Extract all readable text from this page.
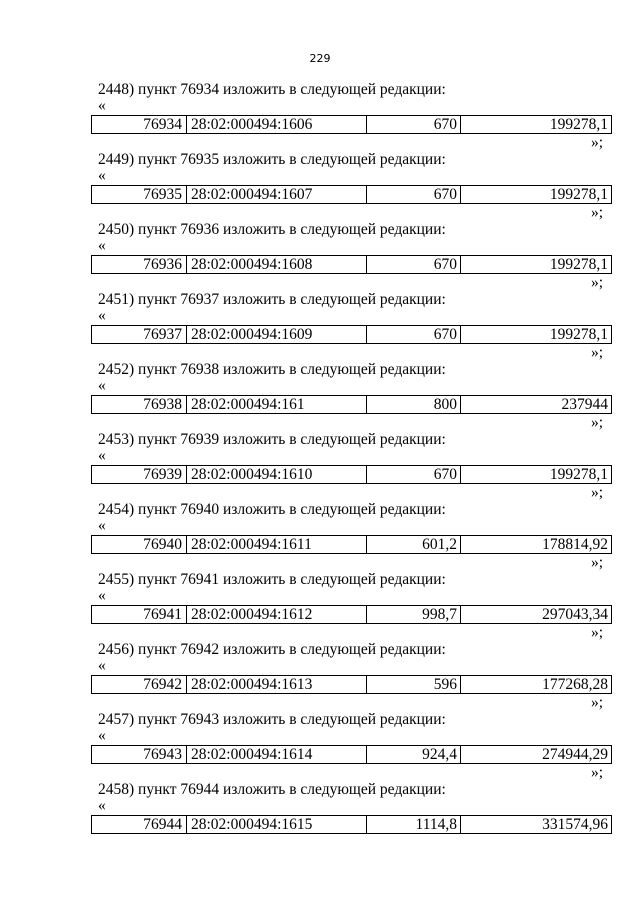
229
2448) пункт 76934 изложить в следующей редакции:
«
76934 28:02:000494:1606	670	199278,1
»;
2449) пункт 76935 изложить в следующей редакции:
«
76935 28:02:000494:1607	670	199278,1
»;
2450) пункт 76936 изложить в следующей редакции:
«
76936 28:02:000494:1608	670	199278,1
»;
2451) пункт 76937 изложить в следующей редакции:
«
76937 28:02:000494:1609	670	199278,1
»;
2452) пункт 76938 изложить в следующей редакции:
«
76938 28:02:000494:161	800	237944
»;
2453) пункт 76939 изложить в следующей редакции:
«
76939 28:02:000494:1610	670	199278,1
»;
2454) пункт 76940 изложить в следующей редакции:
«
76940 28:02:000494:1611	601,2	178814,92
»;
2455) пункт 76941 изложить в следующей редакции:
«
76941 28:02:000494:1612	998,7	297043,34
»;
2456) пункт 76942 изложить в следующей редакции:
«
76942 28:02:000494:1613	596	177268,28
»;
2457) пункт 76943 изложить в следующей редакции:
«
76943 28:02:000494:1614	924,4	274944,29
»;
2458) пункт 76944 изложить в следующей редакции:
«
76944 28:02:000494:1615	1114,8	331574,96
